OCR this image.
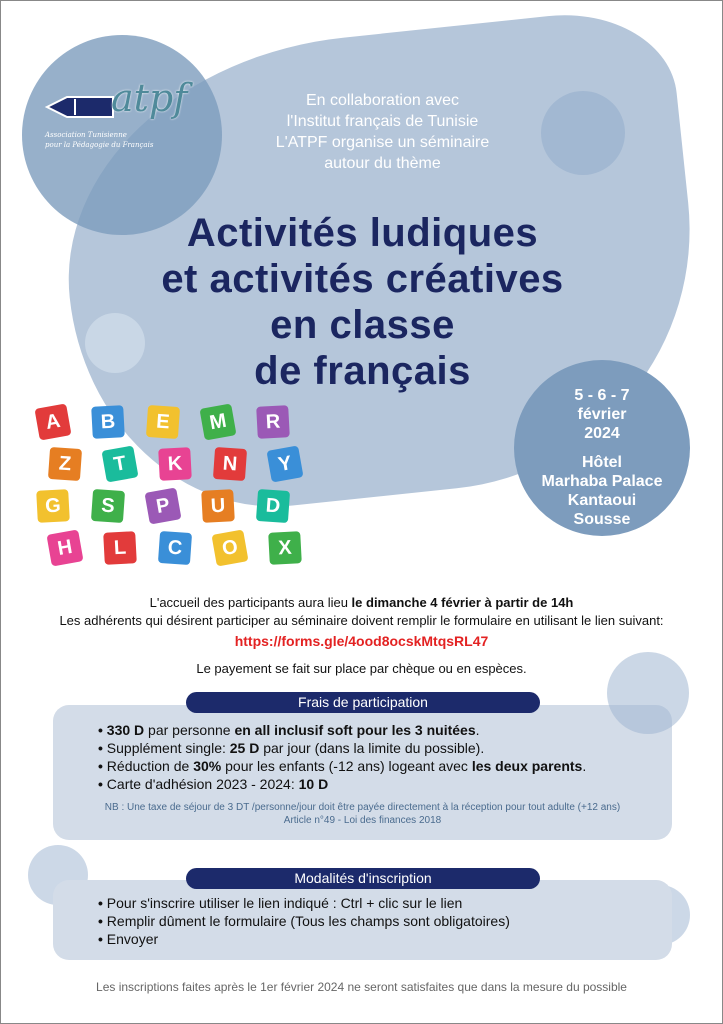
atpf
Association Tunisienne
pour la Pédagogie du Français
En collaboration avec
l'Institut français de Tunisie
L'ATPF organise un séminaire
autour du thème
Activités ludiques
et activités créatives
en classe
de français
5 - 6 - 7
février
2024
Hôtel
Marhaba Palace
Kantaoui
Sousse
A	B	E	M	R
Z	T	K	N	Y
G	S	P	U	D
H	L	C	O	X
L'accueil des participants aura lieu le dimanche 4 février à partir de 14h
Les adhérents qui désirent participer au séminaire doivent remplir le formulaire en utilisant le lien suivant:
https://forms.gle/4ood8ocskMtqsRL47
Le payement se fait sur place par chèque ou en espèces.
Frais de participation
• 330 D par personne en all inclusif soft pour les 3 nuitées.
• Supplément single: 25 D par jour (dans la limite du possible).
• Réduction de 30% pour les enfants (-12 ans) logeant avec les deux parents.
• Carte d'adhésion 2023 - 2024: 10 D
NB : Une taxe de séjour de 3 DT /personne/jour doit être payée directement à la réception pour tout adulte (+12 ans)
Article n°49 - Loi des finances 2018
Modalités d'inscription
• Pour s'inscrire utiliser le lien indiqué : Ctrl + clic sur le lien
• Remplir dûment le formulaire (Tous les champs sont obligatoires)
• Envoyer
Les inscriptions faites après le 1er février 2024 ne seront satisfaites que dans la mesure du possible
